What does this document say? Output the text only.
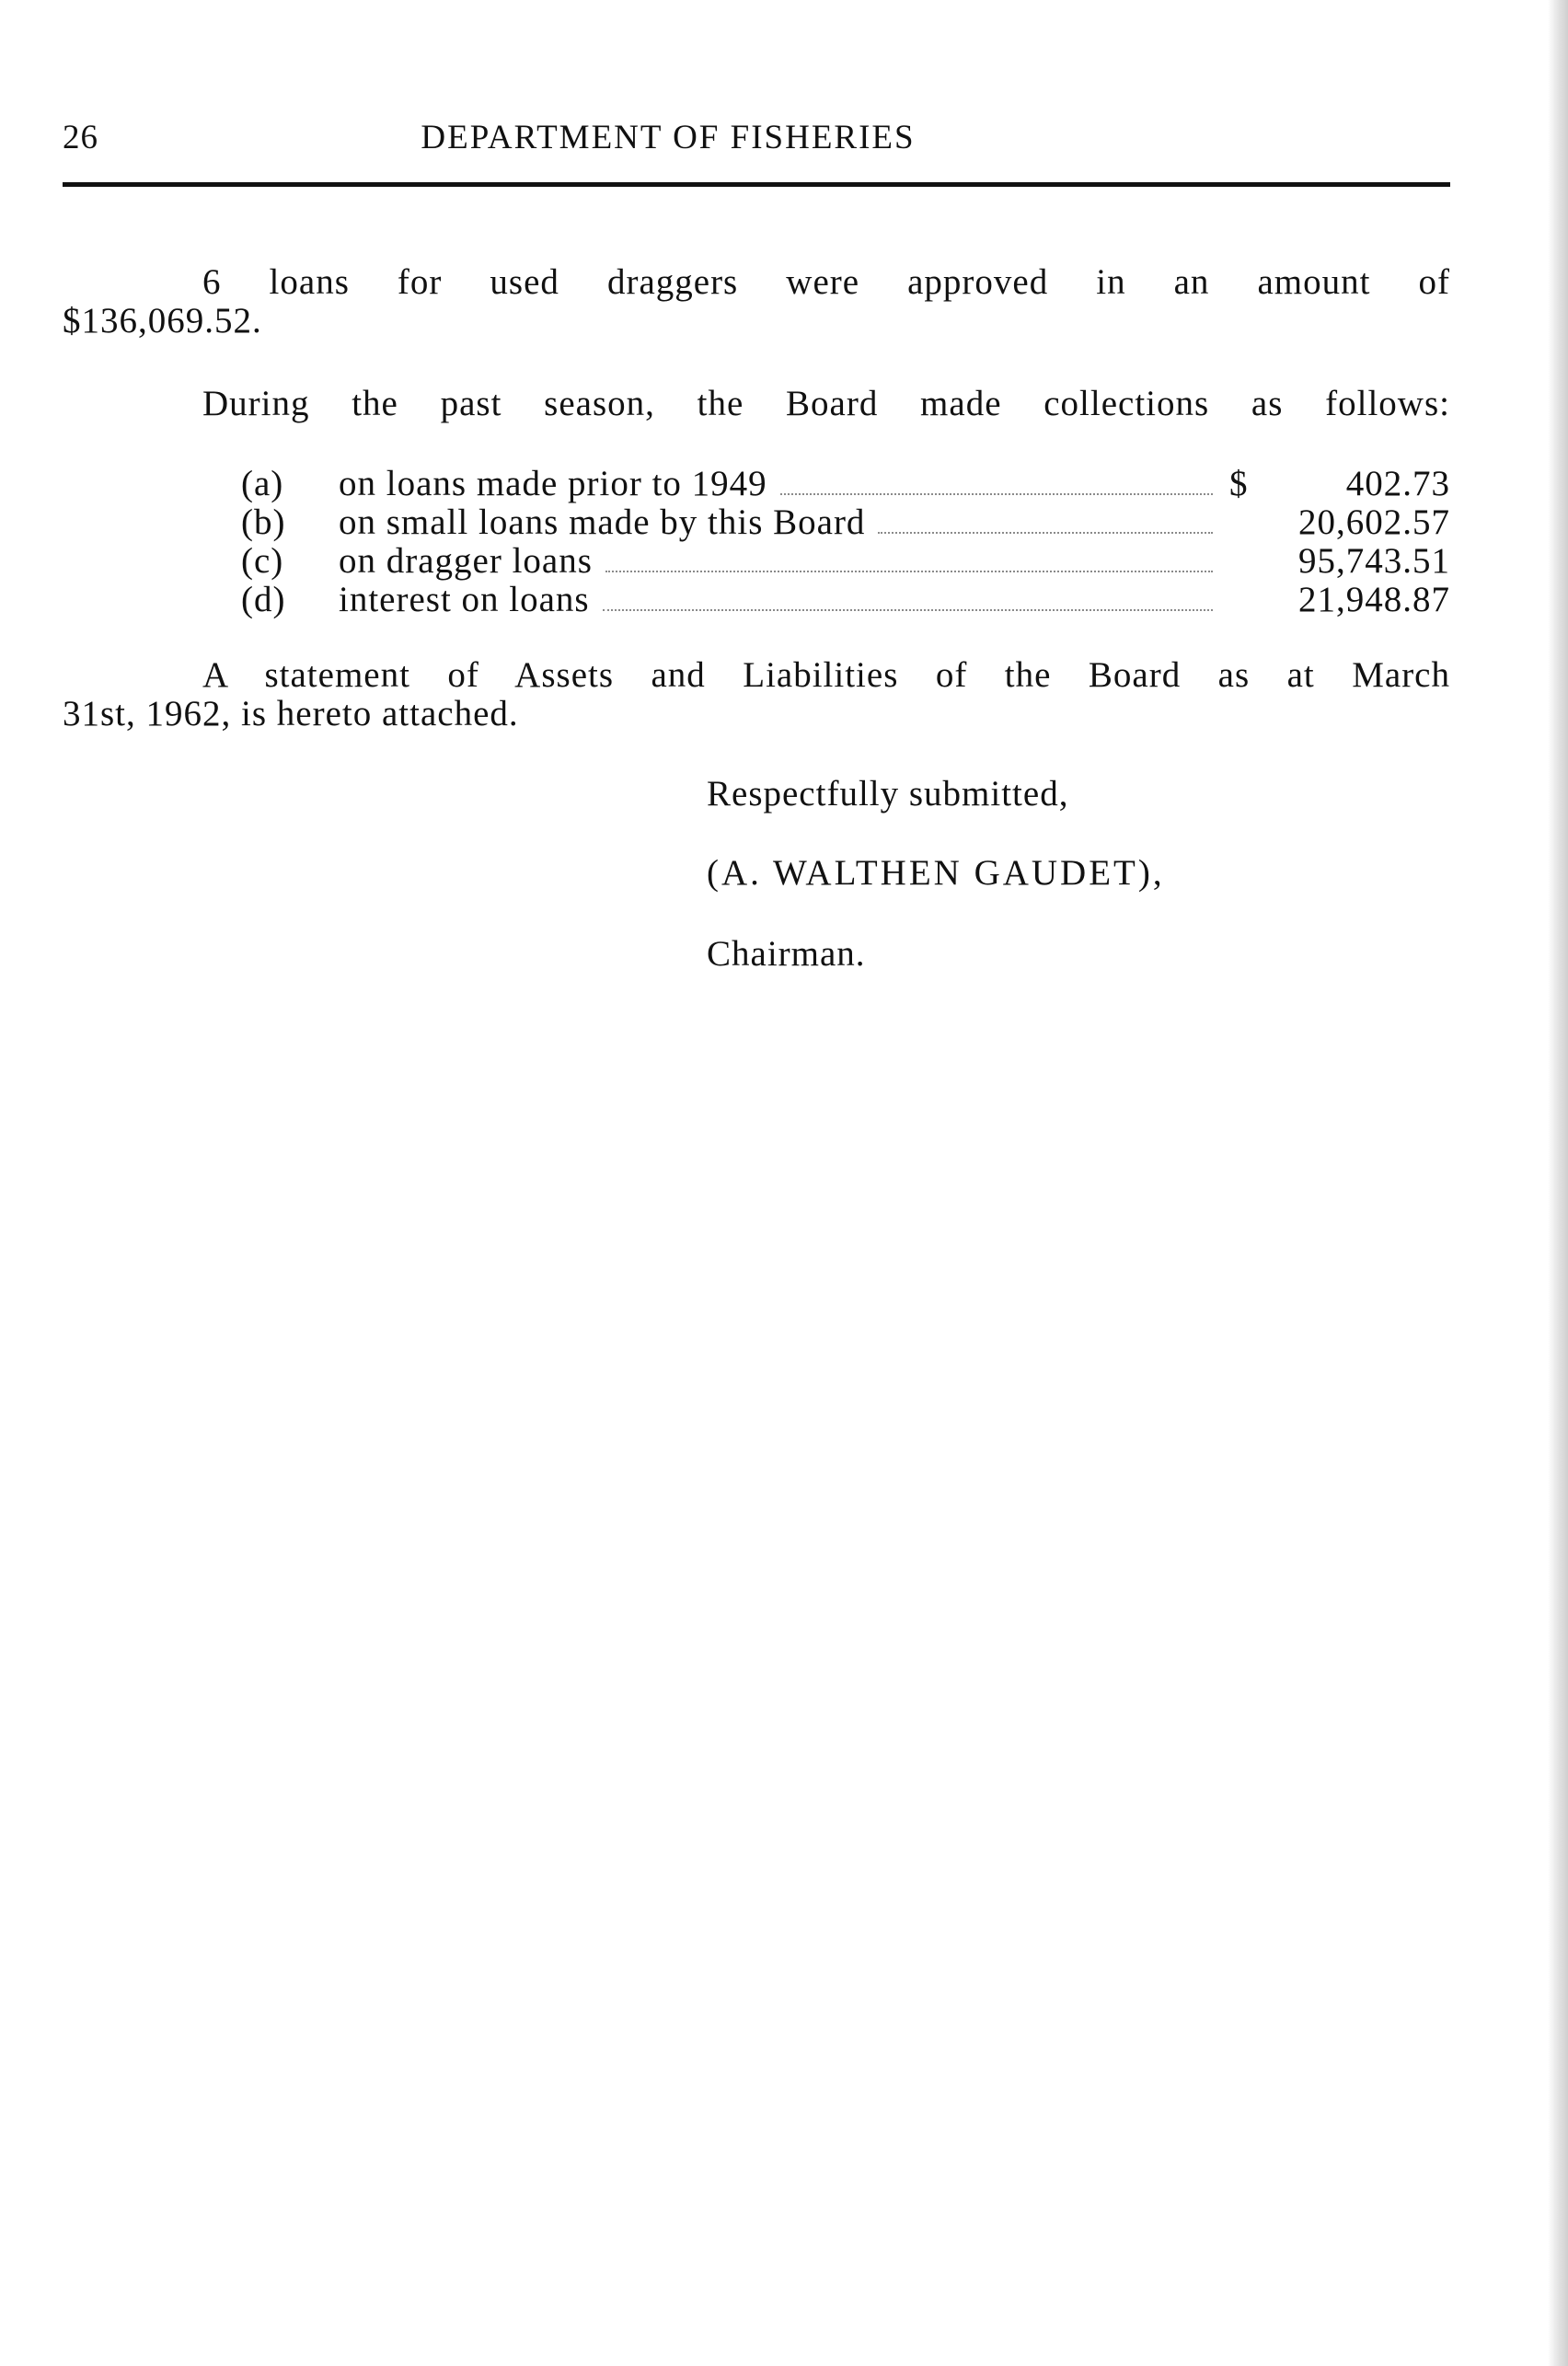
26	DEPARTMENT OF FISHERIES
6 loans for used draggers were approved in an amount of
$136,069.52.
During the past season, the Board made collections as follows:
(a)	on loans made prior to 1949	$	402.73
(b)	on small loans made by this Board	20,602.57
(c)	on dragger loans	95,743.51
(d)	interest on loans	21,948.87
A statement of Assets and Liabilities of the Board as at March
31st, 1962, is hereto attached.
Respectfully submitted,
(A. WALTHEN GAUDET),
Chairman.
